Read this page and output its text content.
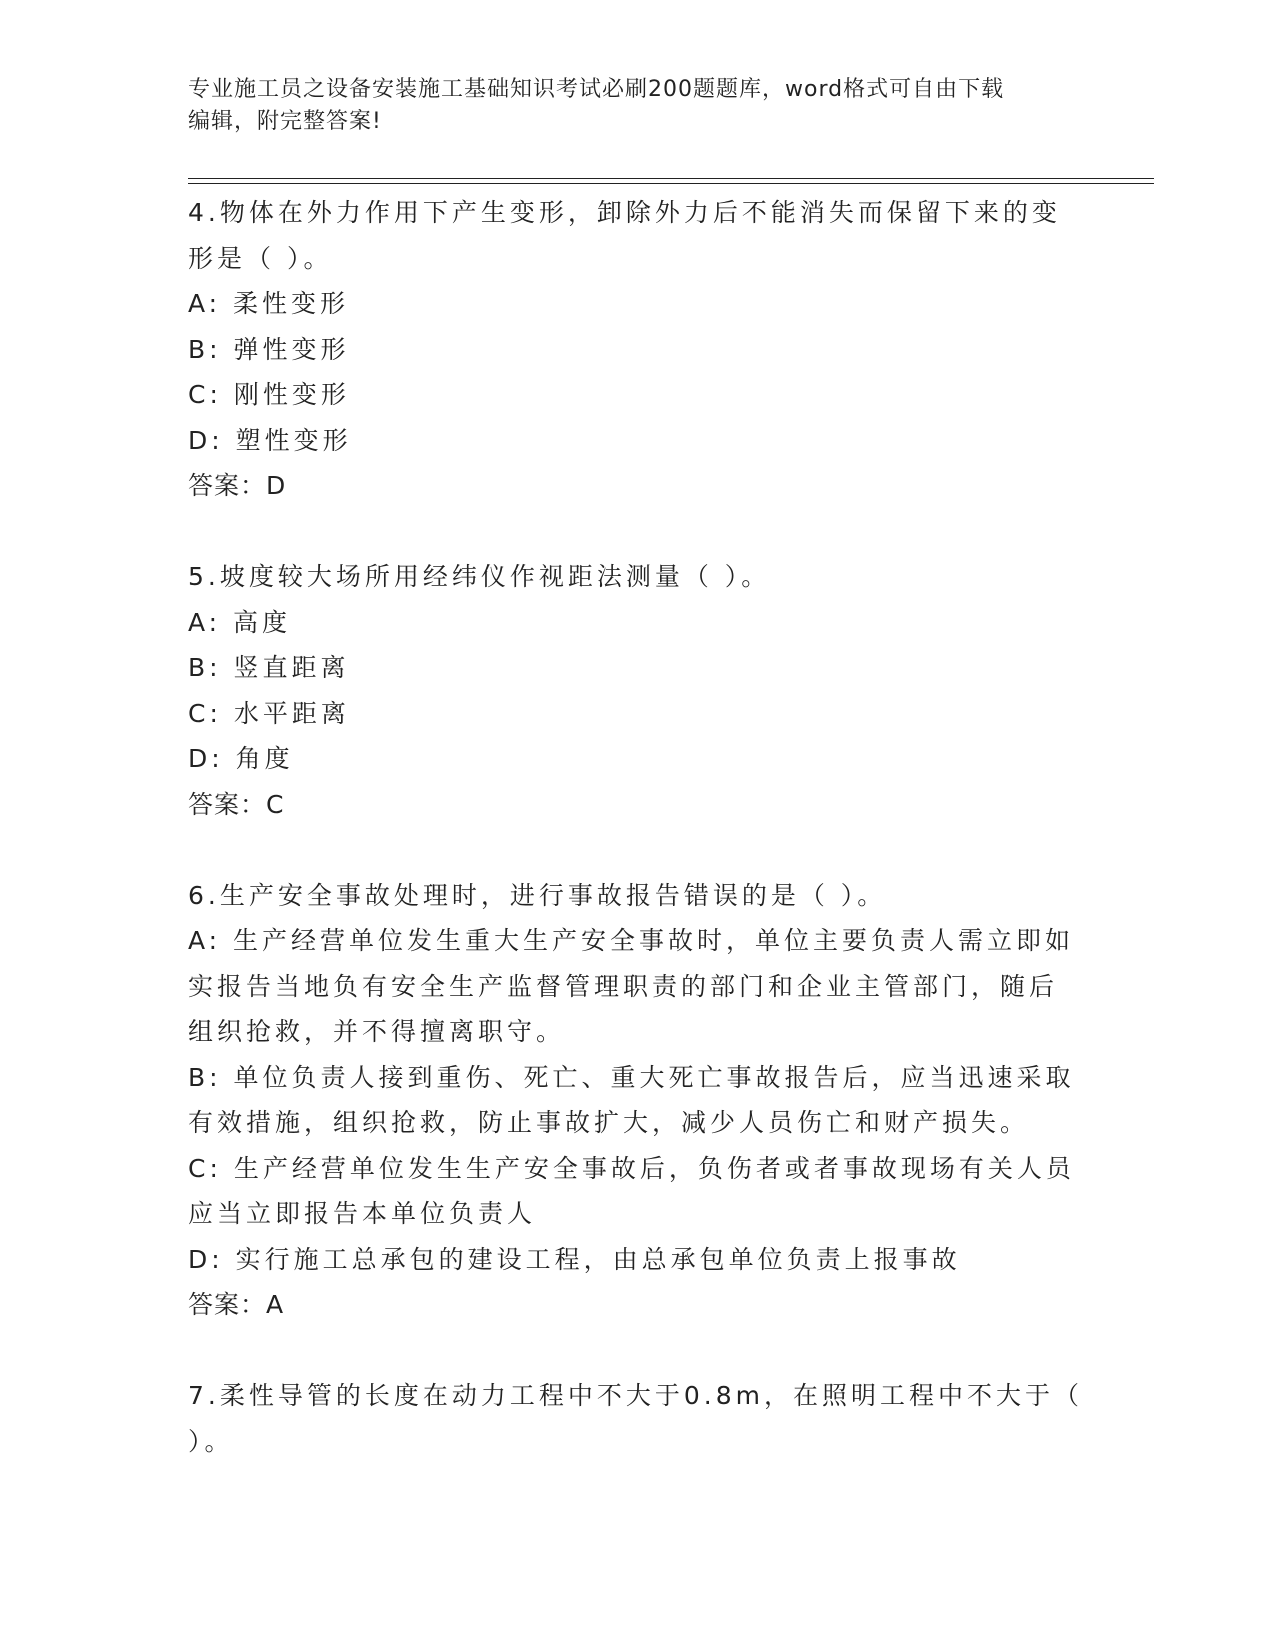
专业施工员之设备安装施工基础知识考试必刷200题题库，word格式可自由下载
编辑，附完整答案!
4.物体在外力作用下产生变形，卸除外力后不能消失而保留下来的变
形是（ ）。
A: 柔性变形
B: 弹性变形
C: 刚性变形
D: 塑性变形
答案：D
5.坡度较大场所用经纬仪作视距法测量（ ）。
A: 高度
B: 竖直距离
C: 水平距离
D: 角度
答案：C
6.生产安全事故处理时，进行事故报告错误的是（ ）。
A: 生产经营单位发生重大生产安全事故时，单位主要负责人需立即如
实报告当地负有安全生产监督管理职责的部门和企业主管部门，随后
组织抢救，并不得擅离职守。
B: 单位负责人接到重伤、死亡、重大死亡事故报告后，应当迅速采取
有效措施，组织抢救，防止事故扩大，减少人员伤亡和财产损失。
C: 生产经营单位发生生产安全事故后，负伤者或者事故现场有关人员
应当立即报告本单位负责人
D: 实行施工总承包的建设工程，由总承包单位负责上报事故
答案：A
7.柔性导管的长度在动力工程中不大于0.8m，在照明工程中不大于（
）。
